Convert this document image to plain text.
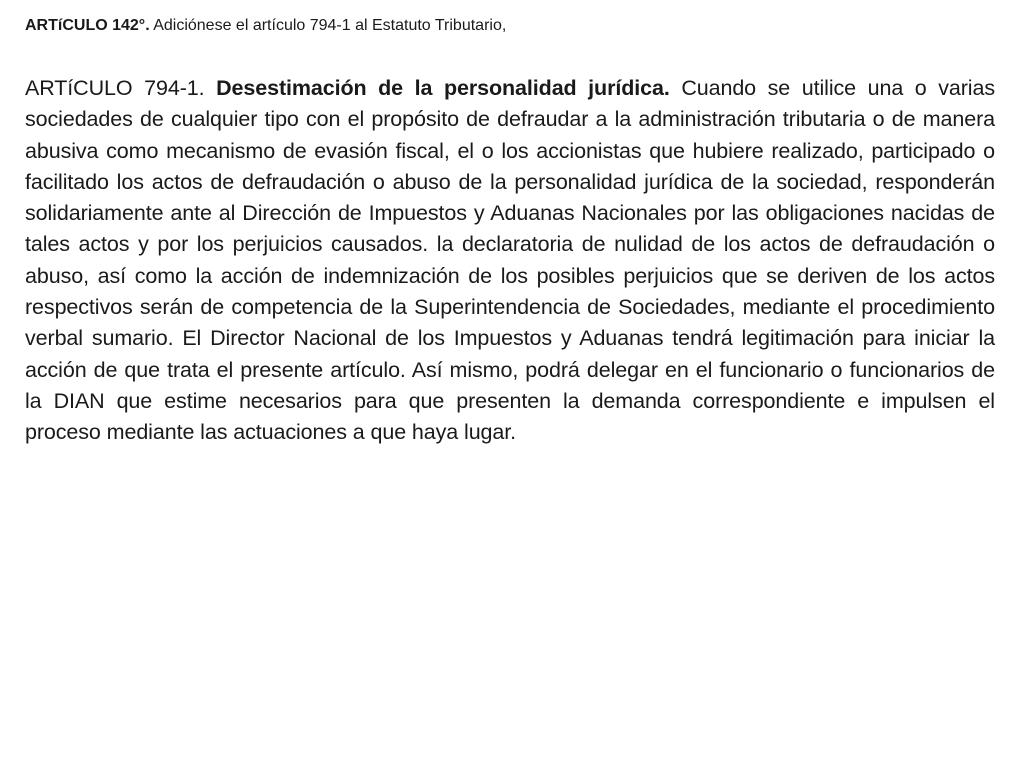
ARTíCULO 142°. Adiciónese el artículo 794-1 al Estatuto Tributario,
ARTíCULO 794-1. Desestimación de la personalidad jurídica. Cuando se utilice una o varias sociedades de cualquier tipo con el propósito de defraudar a la administración tributaria o de manera abusiva como mecanismo de evasión fiscal, el o los accionistas que hubiere realizado, participado o facilitado los actos de defraudación o abuso de la personalidad jurídica de la sociedad, responderán solidariamente ante al Dirección de Impuestos y Aduanas Nacionales por las obligaciones nacidas de tales actos y por los perjuicios causados. la declaratoria de nulidad de los actos de defraudación o abuso, así como la acción de indemnización de los posibles perjuicios que se deriven de los actos respectivos serán de competencia de la Superintendencia de Sociedades, mediante el procedimiento verbal sumario. El Director Nacional de los Impuestos y Aduanas tendrá legitimación para iniciar la acción de que trata el presente artículo. Así mismo, podrá delegar en el funcionario o funcionarios de la DIAN que estime necesarios para que presenten la demanda correspondiente e impulsen el proceso mediante las actuaciones a que haya lugar.
